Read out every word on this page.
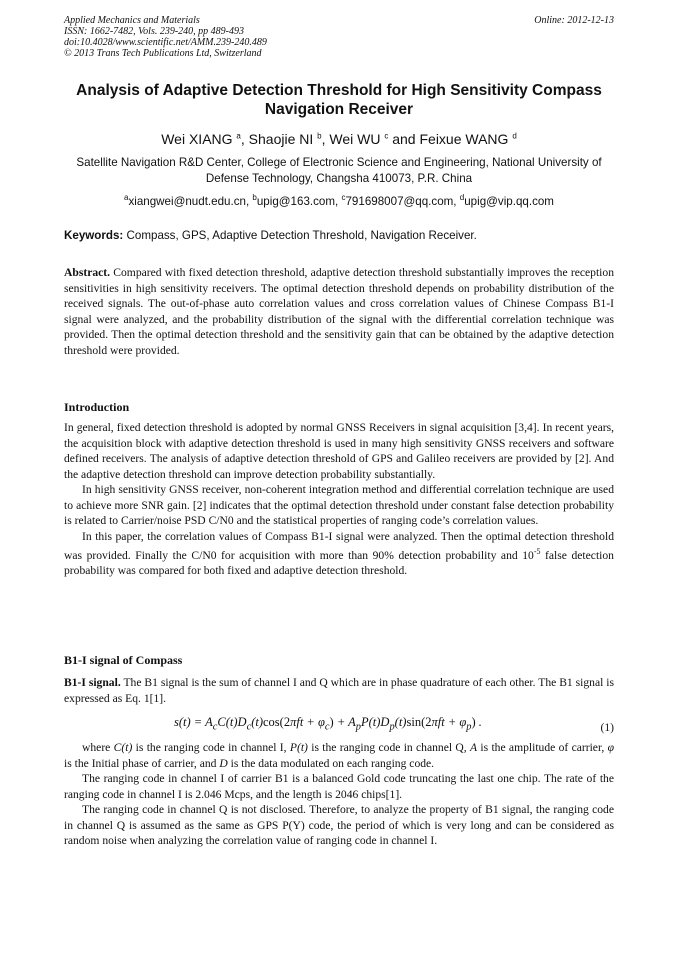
Applied Mechanics and Materials
ISSN: 1662-7482, Vols. 239-240, pp 489-493
doi:10.4028/www.scientific.net/AMM.239-240.489
© 2013 Trans Tech Publications Ltd, Switzerland
Online: 2012-12-13
Analysis of Adaptive Detection Threshold for High Sensitivity Compass Navigation Receiver
Wei XIANG $^a$, Shaojie NI $^b$, Wei WU $^c$ and Feixue WANG $^d$
Satellite Navigation R&D Center, College of Electronic Science and Engineering, National University of Defense Technology, Changsha 410073, P.R. China
$^a$xiangwei@nudt.edu.cn, $^b$upig@163.com, $^c$791698007@qq.com, $^d$upig@vip.qq.com
Keywords: Compass, GPS, Adaptive Detection Threshold, Navigation Receiver.

Abstract. Compared with fixed detection threshold, adaptive detection threshold substantially improves the reception sensitivities in high sensitivity receivers. The optimal detection threshold depends on probability distribution of the received signals. The out-of-phase auto correlation values and cross correlation values of Chinese Compass B1-I signal were analyzed, and the probability distribution of the signal with the differential correlation technique was provided. Then the optimal detection threshold and the sensitivity gain that can be obtained by the adaptive detection threshold were provided.

Introduction

In general, fixed detection threshold is adopted by normal GNSS Receivers in signal acquisition [3,4]. In recent years, the acquisition block with adaptive detection threshold is used in many high sensitivity GNSS receivers and software defined receivers. The analysis of adaptive detection threshold of GPS and Galileo receivers are provided by [2]. And the adaptive detection threshold can improve detection probability substantially.

In high sensitivity GNSS receiver, non-coherent integration method and differential correlation technique are used to achieve more SNR gain. [2] indicates that the optimal detection threshold under constant false detection probability is related to Carrier/noise PSD C/N0 and the statistical properties of ranging code’s correlation values.

In this paper, the correlation values of Compass B1-I signal were analyzed. Then the optimal detection threshold was provided. Finally the C/N0 for acquisition with more than 90% detection probability and $10^{-5}$ false detection probability was compared for both fixed and adaptive detection threshold.

B1-I signal of Compass

B1-I signal. The B1 signal is the sum of channel I and Q which are in phase quadrature of each other. The B1 signal is expressed as Eq. 1[1].

$s(t) = A_cC(t)D_c(t)\cos(2\pi ft + \varphi_c) + A_pP(t)D_p(t)\sin(2\pi ft + \varphi_p)$ .	(1)

where C(t) is the ranging code in channel I, P(t) is the ranging code in channel Q, A is the amplitude of carrier, φ is the Initial phase of carrier, and D is the data modulated on each ranging code.

The ranging code in channel I of carrier B1 is a balanced Gold code truncating the last one chip. The rate of the ranging code in channel I is 2.046 Mcps, and the length is 2046 chips[1].

The ranging code in channel Q is not disclosed. Therefore, to analyze the property of B1 signal, the ranging code in channel Q is assumed as the same as GPS P(Y) code, the period of which is very long and can be considered as random noise when analyzing the correlation value of ranging code in channel I.
